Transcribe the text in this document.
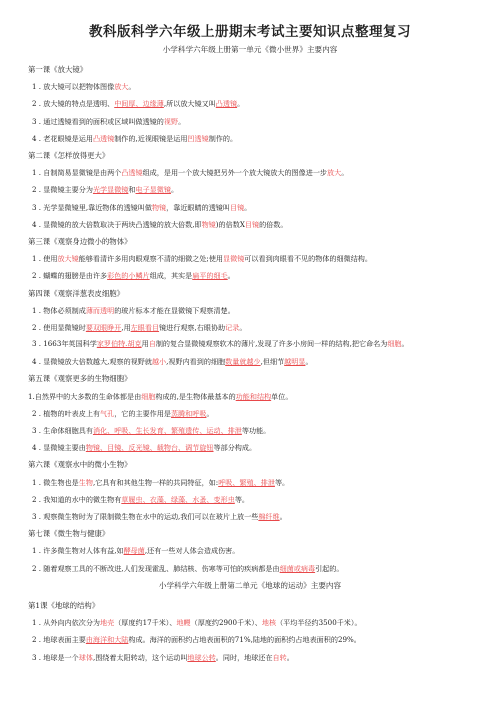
教科版科学六年级上册期末考试主要知识点整理复习
小学科学六年级上册第一单元《微小世界》主要内容
第一课《放大镜》
1 . 放大镜可以把物体图像放大。
2 . 放大镜的特点是透明、中间厚、边缘薄,所以放大镜又叫凸透镜。
3 . 通过透镜看到的面积或区域叫做透镜的视野。
4 . 老花眼镜是运用凸透镜制作的,近视眼镜是运用凹透镜制作的。
第二课《怎样放得更大》
1 . 自制简易显微镜是由两个凸透镜组成，是用一个放大镜把另外一个放大镜放大的图像进一步放大。
2 . 显微镜主要分为光学显微镜和电子显微镜。
3 . 光学显微镜里,靠近物体的透镜叫做物镜，靠近眼睛的透镜叫目镜。
4 . 显微镜的放大倍数取决于两块凸透镜的放大倍数,即物镜)的倍数X目镜的倍数。
第三课《观察身边微小的物体》
1 . 使用放大镜能够看清许多用肉眼观察不清的细微之处;使用显微镜可以看到肉眼看不见的物体的细微结构。
2 . 蝴蝶的翅膀是由许多彩色的小鳞片组成，其实是扁平的细毛。
第四课《观察洋葱表皮细胞》
1 . 物体必须制成薄而透明的玻片标本才能在显微镜下观察清楚。
2 . 使用显微镜时要双眼睁开,用左眼看目镜进行观察,右眼协助记录。
3 . 1663年英国科学家罗伯特.胡克用自制的复合显微镜观察软木的薄片,发现了许多小房间一样的结构,把它命名为细胞。
4 . 显微镜放大倍数越大,观察的视野就越小,视野内看到的细胞数量就越少,但细节越明显。
第五课《观察更多的生物细胞》
1.自然界中的大多数的生命体都是由细胞构成的,是生物体最基本的功能和结构单位。
2 . 植物的叶表皮上有气孔，它的主要作用是蒸腾和呼吸。
3 . 生命体细胞具有消化、呼吸、生长发育、繁殖遗传、运动、排泄等功能。
4 . 显微镜主要由物镜、目镜、反光镜、载物台、调节旋钮等部分构成。
第六课《观察水中的微小生物》
1 . 微生物也是生物,它具有和其他生物一样的共同特征，如:呼吸、繁殖、排泄等。
2 . 我知道的水中的微生物有草履虫、衣藻、绿藻、水蚤、变形虫等。
3 . 观察微生物时为了限制微生物在水中的运动,我们可以在玻片上放一些棉纤维。
第七课《微生物与健康》
1 . 许多微生物对人体有益,如酵母菌,还有一些对人体会造成伤害。
2 . 随着观察工具的不断改进,人们发现霍乱、肺结核、伤寒等可怕的疾病都是由细菌或病毒引起的。
小学科学六年级上册第二单元《地球的运动》主要内容
第1课《地球的结构》
1 . 从外向内依次分为地壳（厚度约17千米）、地幔（厚度约2900千米）、地核（平均半径约3500千米）。
2 . 地球表面主要由海洋和大陆构成。海洋的面积约占地表面积的71%,陆地的面积约占地表面积的29%。
3 . 地球是一个球体,围绕着太阳转动，这个运动叫地球公转。同时，地球还在自转。
